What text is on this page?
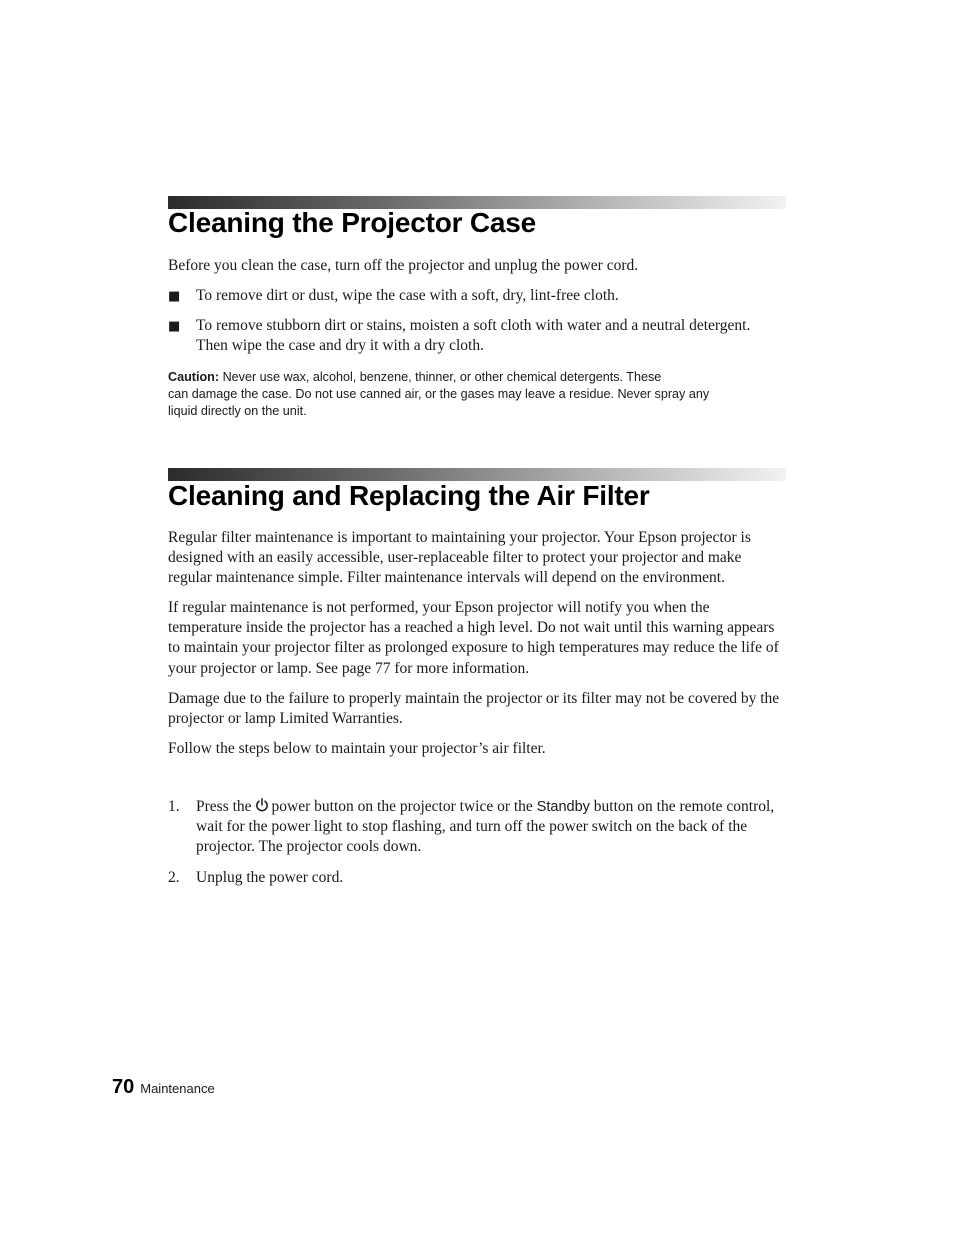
Cleaning the Projector Case

Before you clean the case, turn off the projector and unplug the power cord.

■ To remove dirt or dust, wipe the case with a soft, dry, lint-free cloth.
■ To remove stubborn dirt or stains, moisten a soft cloth with water and a neutral detergent. Then wipe the case and dry it with a dry cloth.
Caution: Never use wax, alcohol, benzene, thinner, or other chemical detergents. These
can damage the case. Do not use canned air, or the gases may leave a residue. Never spray any
liquid directly on the unit.
Cleaning and Replacing the Air Filter

Regular filter maintenance is important to maintaining your projector. Your Epson projector is designed with an easily accessible, user-replaceable filter to protect your projector and make regular maintenance simple. Filter maintenance intervals will depend on the environment.

If regular maintenance is not performed, your Epson projector will notify you when the temperature inside the projector has a reached a high level. Do not wait until this warning appears to maintain your projector filter as prolonged exposure to high temperatures may reduce the life of your projector or lamp. See page 77 for more information.

Damage due to the failure to properly maintain the projector or its filter may not be covered by the projector or lamp Limited Warranties.

Follow the steps below to maintain your projector’s air filter.

1. Press the power button on the projector twice or the Standby button on the remote control, wait for the power light to stop flashing, and turn off the power switch on the back of the projector. The projector cools down.
2. Unplug the power cord.
70 Maintenance
